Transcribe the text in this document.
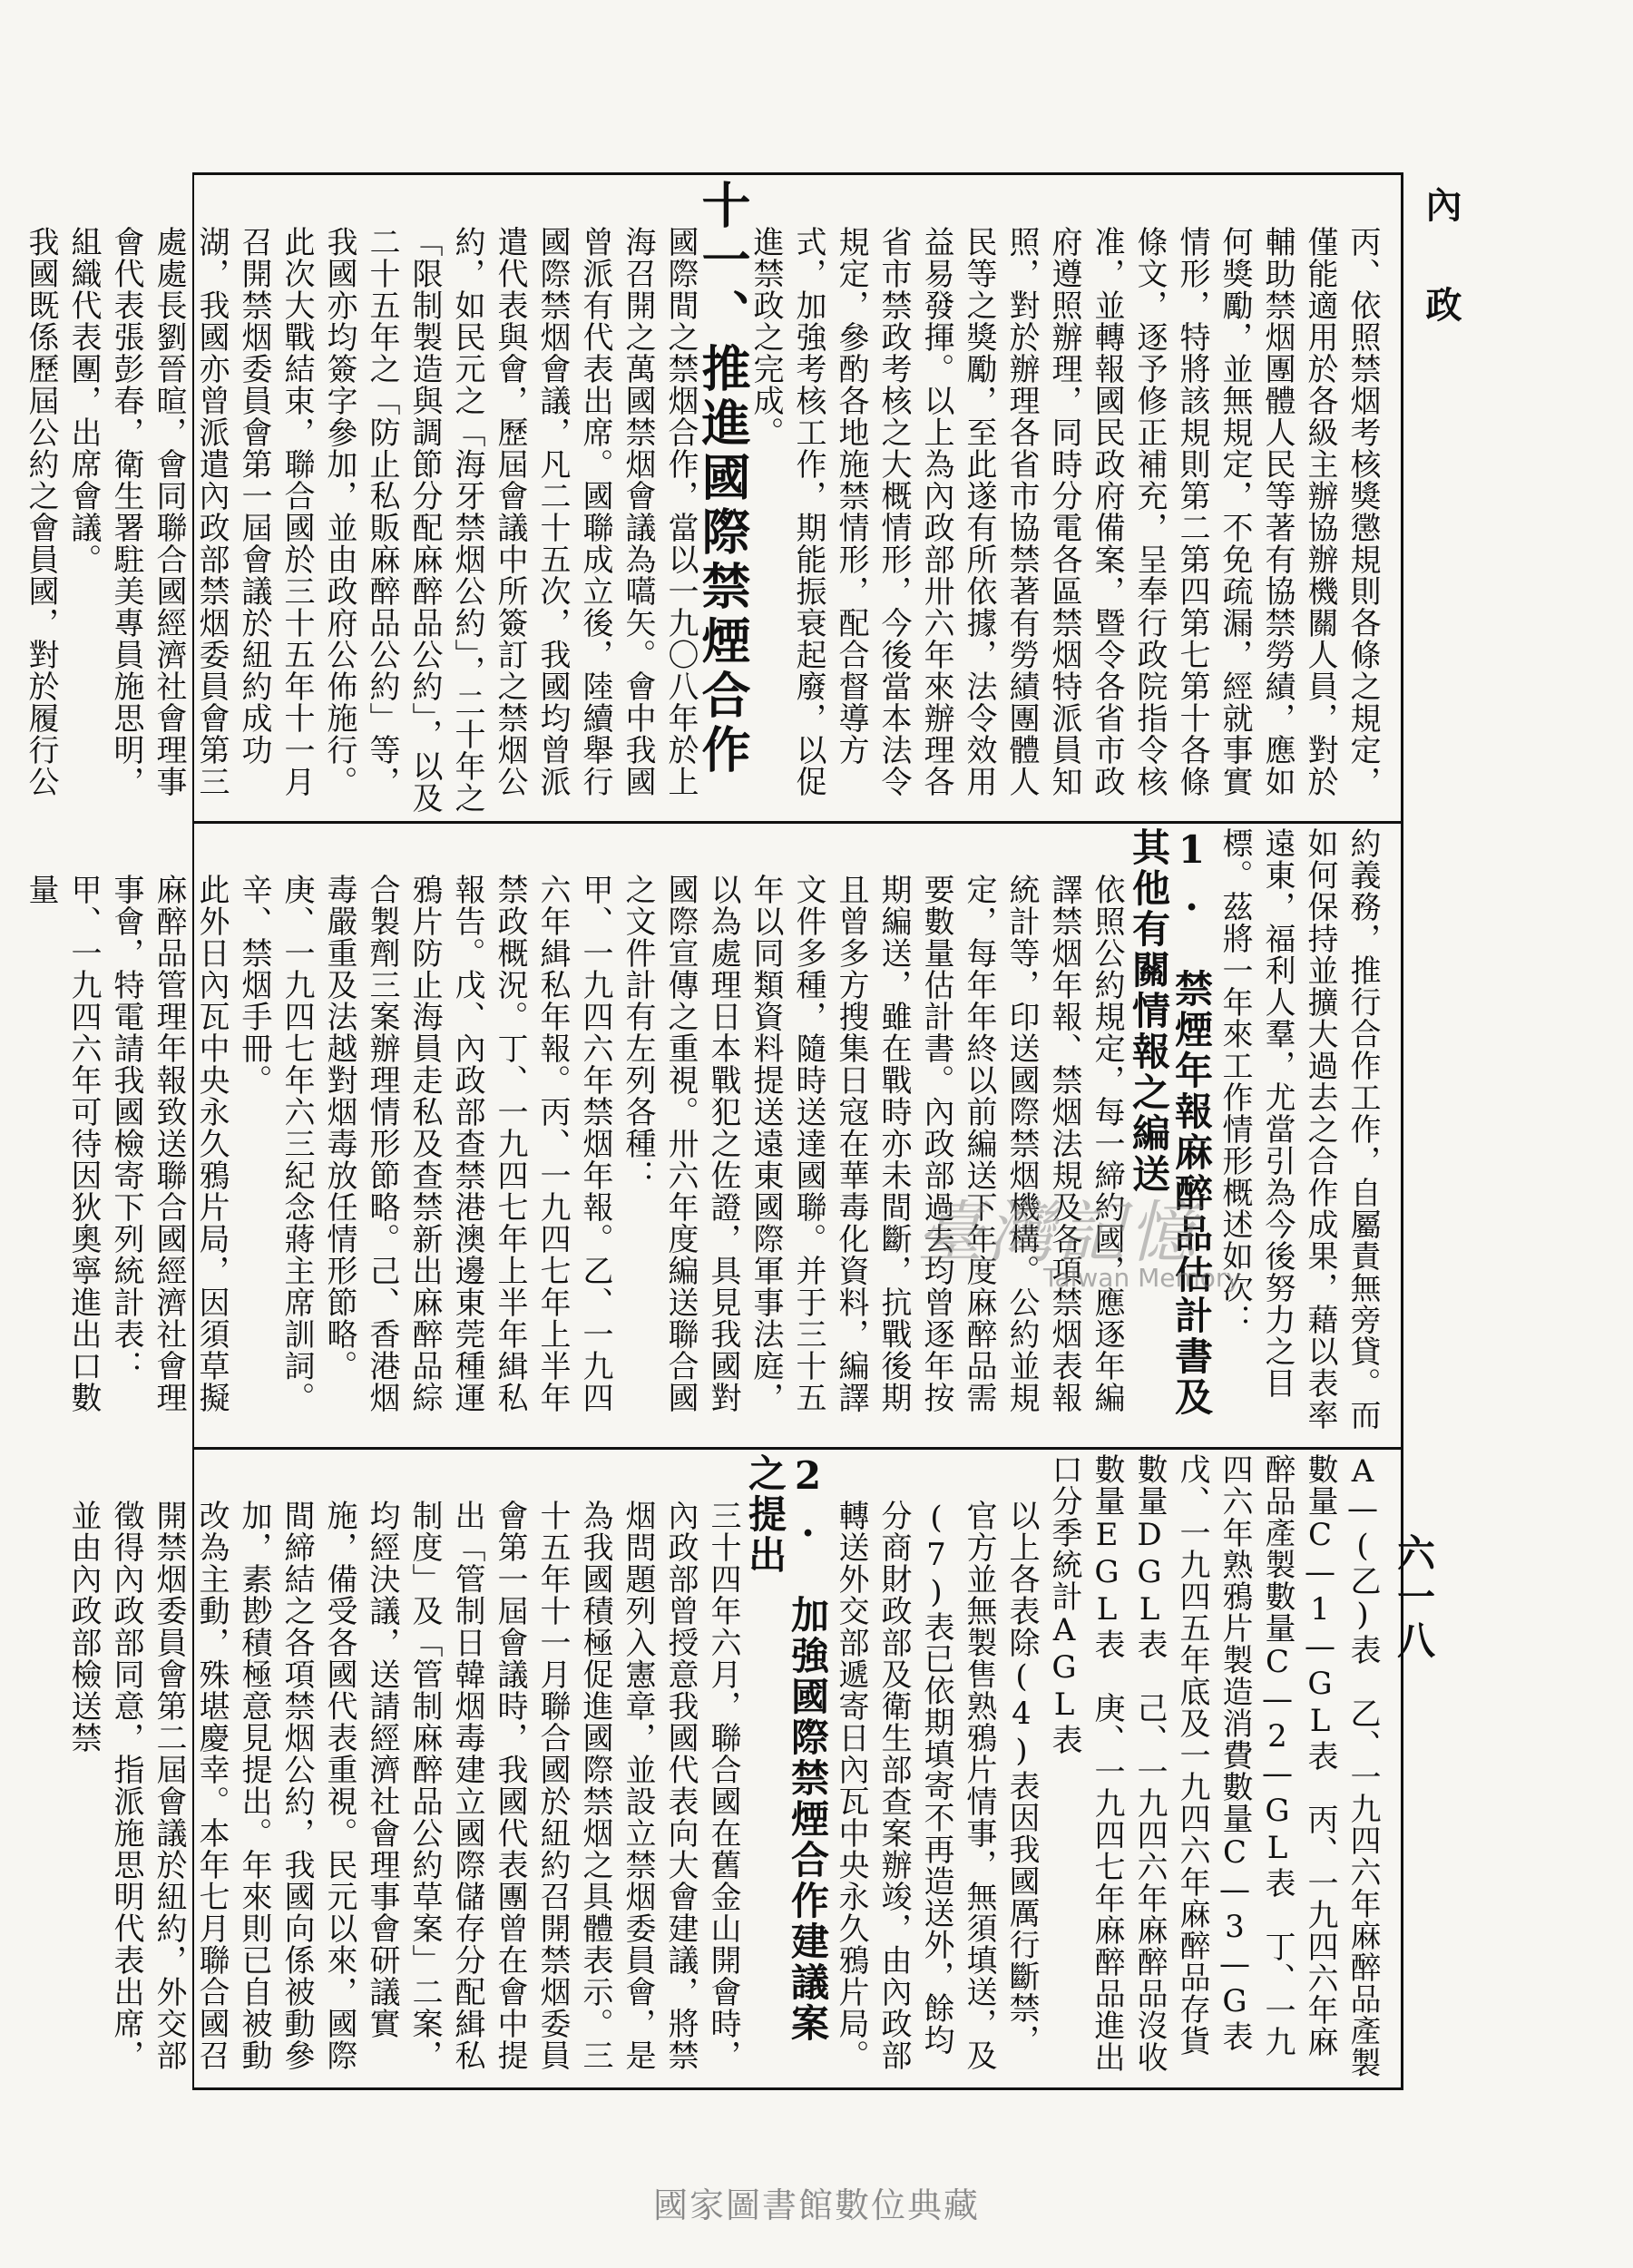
內政
六一八

丙、依照禁烟考核獎懲規則各條之規定，僅能適用於各級主辦協辦機關人員，對於輔助禁烟團體人民等著有協禁勞績，應如何獎勵，並無規定，不免疏漏，經就事實情形，特將該規則第二第四第七第十各條條文，逐予修正補充，呈奉行政院指令核准，並轉報國民政府備案，暨令各省市政府遵照辦理，同時分電各區禁烟特派員知照，對於辦理各省市協禁著有勞績團體人民等之獎勵，至此遂有所依據，法令效用益易發揮。以上為內政部卅六年來辦理各省市禁政考核之大概情形，今後當本法令規定，參酌各地施禁情形，配合督導方式，加強考核工作，期能振衰起廢，以促進禁政之完成。

十一、推進國際禁煙合作

國際間之禁烟合作，當以一九〇八年於上海召開之萬國禁烟會議為嚆矢。會中我國曾派有代表出席。國聯成立後，陸續舉行國際禁烟會議，凡二十五次，我國均曾派遣代表與會，歷屆會議中所簽訂之禁烟公約，如民元之「海牙禁烟公約」，二十年之「限制製造與調節分配麻醉品公約」，以及二十五年之「防止私販麻醉品公約」等，我國亦均簽字參加，並由政府公佈施行。此次大戰結束，聯合國於三十五年十一月召開禁烟委員會第一屆會議於紐約成功湖，我國亦曾派遣內政部禁烟委員會第三處處長劉晉暄，會同聯合國經濟社會理事會代表張彭春，衛生署駐美專員施思明，組織代表團，出席會議。

我國既係歷屆公約之會員國，對於履行公

約義務，推行合作工作，自屬責無旁貸。而如何保持並擴大過去之合作成果，藉以表率遠東，福利人羣，尤當引為今後努力之目標。茲將一年來工作情形概述如次：

1. 禁煙年報麻醉品估計書及其他有關情報之編送

依照公約規定，每一締約國，應逐年編譯禁烟年報、禁烟法規及各項禁烟表報統計等，印送國際禁烟機構。公約並規定，每年年終以前編送下年度麻醉品需要數量估計書。內政部過去均曾逐年按期編送，雖在戰時亦未間斷，抗戰後期且曾多方搜集日寇在華毒化資料，編譯文件多種，隨時送達國聯。并于三十五年以同類資料提送遠東國際軍事法庭，以為處理日本戰犯之佐證，具見我國對國際宣傳之重視。卅六年度編送聯合國之文件計有左列各種：

甲、一九四六年禁烟年報。乙、一九四六年緝私年報。丙、一九四七年上半年禁政概況。丁、一九四七年上半年緝私報告。戊、內政部查禁港澳邊東莞種運鴉片防止海員走私及查禁新出麻醉品綜合製劑三案辦理情形節略。己、香港烟毒嚴重及法越對烟毒放任情形節略。庚、一九四七年六三紀念蔣主席訓詞。辛、禁烟手冊。

此外日內瓦中央永久鴉片局，因須草擬麻醉品管理年報致送聯合國經濟社會理事會，特電請我國檢寄下列統計表：

甲、一九四六年可待因狄奧寧進出口數量

A—(乙)表　乙、一九四六年麻醉品產製數量C—1—GL表　丙、一九四六年麻醉品產製數量C—2—GL表　丁、一九四六年熟鴉片製造消費數量C—3—G表戊、一九四五年底及一九四六年麻醉品存貨數量DGL表　己、一九四六年麻醉品沒收數量EGL表　庚、一九四七年麻醉品進出口分季統計AGL表

以上各表除(4)表因我國厲行斷禁，官方並無製售熟鴉片情事，無須填送，及(7)表已依期填寄不再造送外，餘均分商財政部及衛生部查案辦竣，由內政部轉送外交部遞寄日內瓦中央永久鴉片局。

2. 加強國際禁煙合作建議案之提出

三十四年六月，聯合國在舊金山開會時，內政部曾授意我國代表向大會建議，將禁烟問題列入憲章，並設立禁烟委員會，是為我國積極促進國際禁烟之具體表示。三十五年十一月聯合國於紐約召開禁烟委員會第一屆會議時，我國代表團曾在會中提出「管制日韓烟毒建立國際儲存分配緝私制度」及「管制麻醉品公約草案」二案，均經決議，送請經濟社會理事會研議實施，備受各國代表重視。民元以來，國際間締結之各項禁烟公約，我國向係被動參加，素尠積極意見提出。年來則已自被動改為主動，殊堪慶幸。本年七月聯合國召開禁烟委員會第二屆會議於紐約，外交部徵得內政部同意，指派施思明代表出席，並由內政部檢送禁

臺灣記憶
Taiwan Memory
國家圖書館數位典藏
